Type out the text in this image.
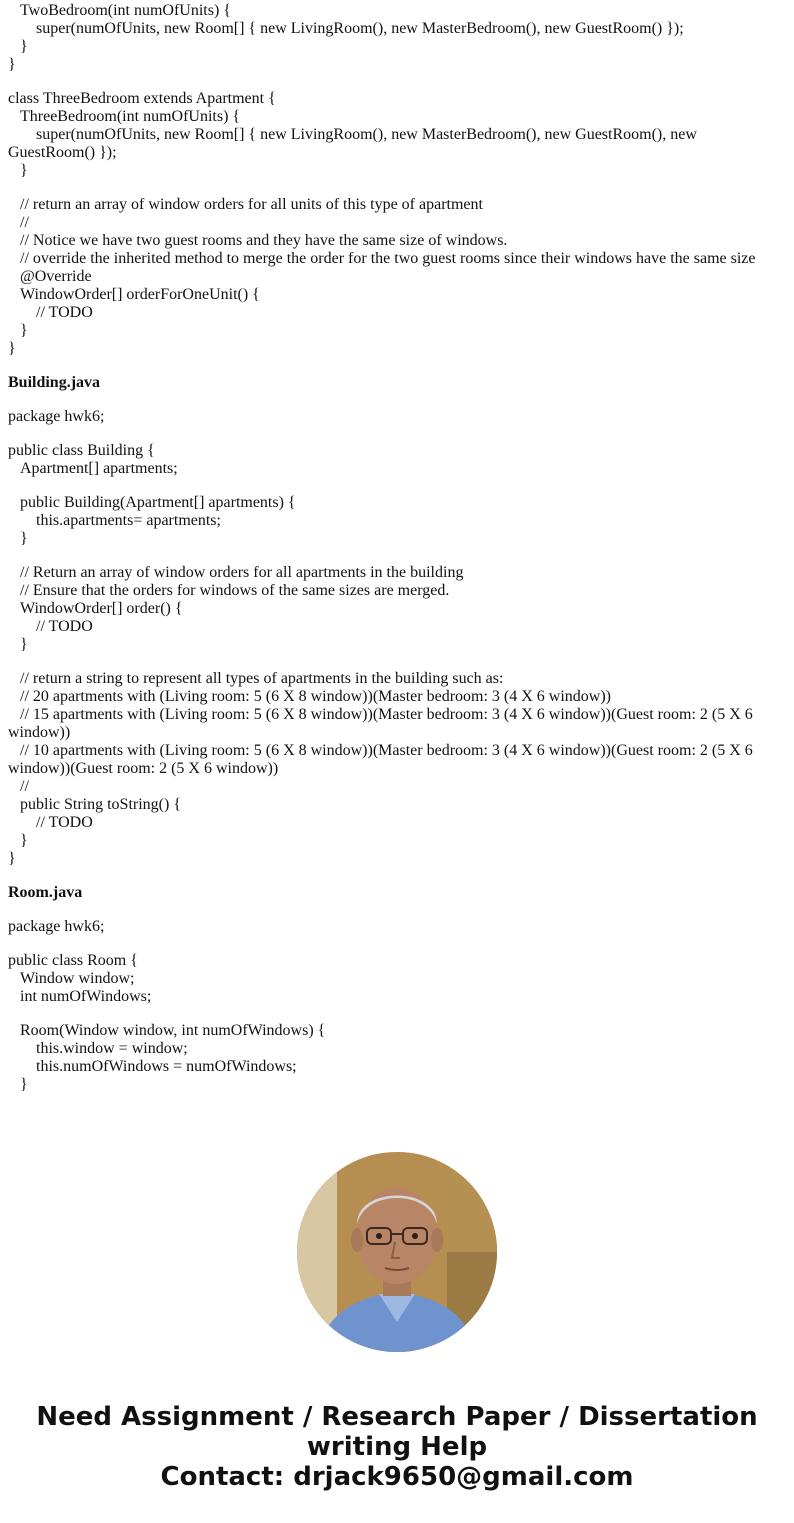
TwoBedroom(int numOfUnits) {
super(numOfUnits, new Room[] { new LivingRoom(), new MasterBedroom(), new GuestRoom() });
}
}
class ThreeBedroom extends Apartment {
ThreeBedroom(int numOfUnits) {
super(numOfUnits, new Room[] { new LivingRoom(), new MasterBedroom(), new GuestRoom(), new GuestRoom() });
}
// return an array of window orders for all units of this type of apartment
//
// Notice we have two guest rooms and they have the same size of windows.
// override the inherited method to merge the order for the two guest rooms since their windows have the same size
@Override
WindowOrder[] orderForOneUnit() {
// TODO
}
}
Building.java
package hwk6;
public class Building {
Apartment[] apartments;
public Building(Apartment[] apartments) {
this.apartments= apartments;
}
// Return an array of window orders for all apartments in the building
// Ensure that the orders for windows of the same sizes are merged.
WindowOrder[] order() {
// TODO
}
// return a string to represent all types of apartments in the building such as:
// 20 apartments with (Living room: 5 (6 X 8 window))(Master bedroom: 3 (4 X 6 window))
// 15 apartments with (Living room: 5 (6 X 8 window))(Master bedroom: 3 (4 X 6 window))(Guest room: 2 (5 X 6 window))
// 10 apartments with (Living room: 5 (6 X 8 window))(Master bedroom: 3 (4 X 6 window))(Guest room: 2 (5 X 6 window))(Guest room: 2 (5 X 6 window))
//
public String toString() {
// TODO
}
}
Room.java
package hwk6;
public class Room {
Window window;
int numOfWindows;
Room(Window window, int numOfWindows) {
this.window = window;
this.numOfWindows = numOfWindows;
}
Need Assignment / Research Paper / Dissertation
writing Help
Contact: drjack9650@gmail.com
